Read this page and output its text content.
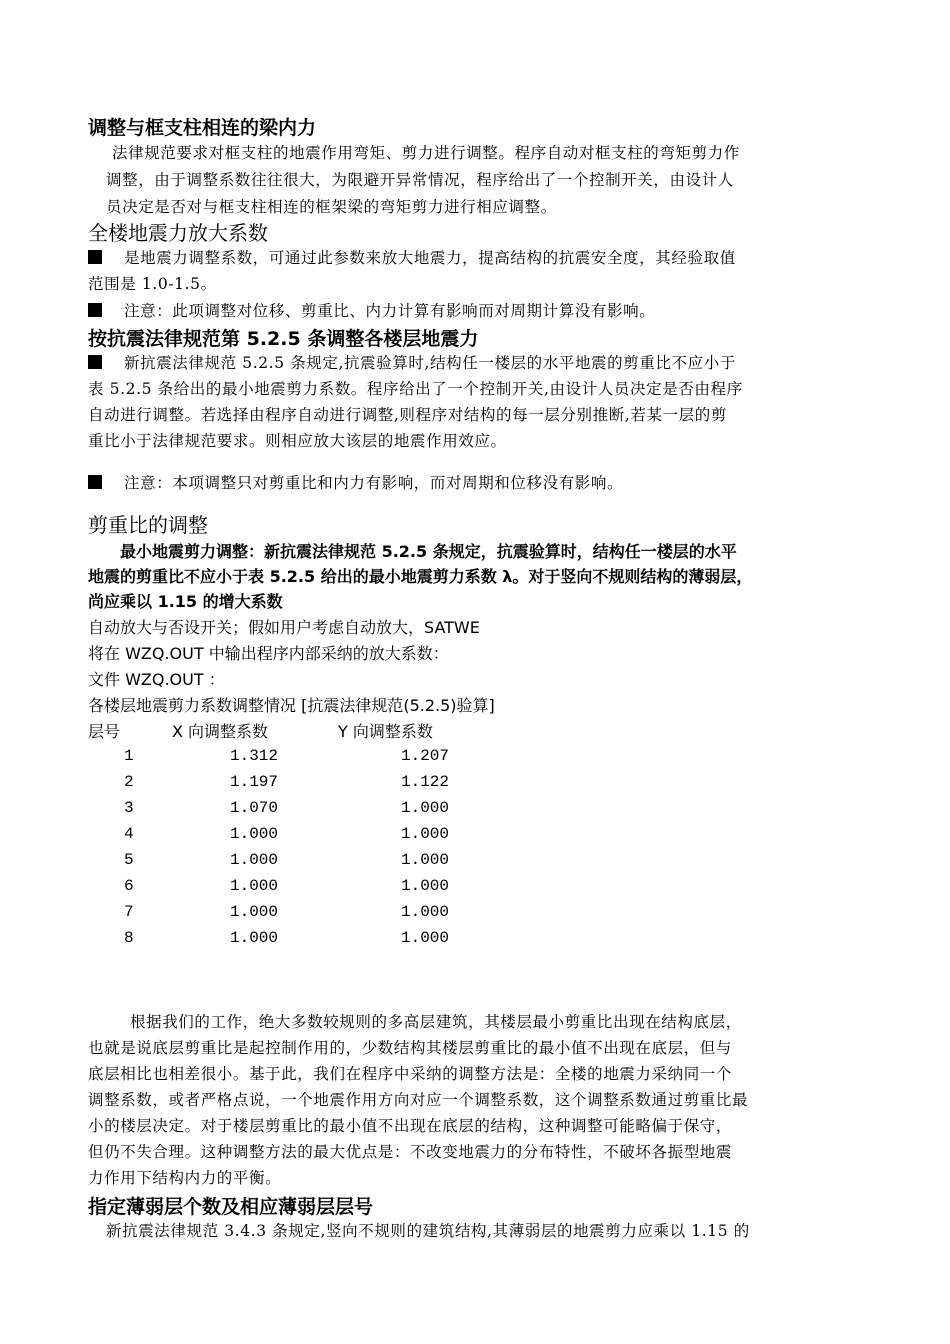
调整与框支柱相连的梁内力
法律规范要求对框支柱的地震作用弯矩、剪力进行调整。程序自动对框支柱的弯矩剪力作
调整，由于调整系数往往很大，为限避开异常情况，程序给出了一个控制开关，由设计人
员决定是否对与框支柱相连的框架梁的弯矩剪力进行相应调整。
全楼地震力放大系数
是地震力调整系数，可通过此参数来放大地震力，提高结构的抗震安全度，其经验取值
范围是 1.0-1.5。
注意：此项调整对位移、剪重比、内力计算有影响而对周期计算没有影响。
按抗震法律规范第 5.2.5 条调整各楼层地震力
新抗震法律规范 5.2.5 条规定,抗震验算时,结构任一楼层的水平地震的剪重比不应小于
表 5.2.5 条给出的最小地震剪力系数。程序给出了一个控制开关,由设计人员决定是否由程序
自动进行调整。若选择由程序自动进行调整,则程序对结构的每一层分别推断,若某一层的剪
重比小于法律规范要求。则相应放大该层的地震作用效应。
注意：本项调整只对剪重比和内力有影响，而对周期和位移没有影响。
剪重比的调整
最小地震剪力调整：新抗震法律规范 5.2.5 条规定，抗震验算时，结构任一楼层的水平
地震的剪重比不应小于表 5.2.5 给出的最小地震剪力系数 λ。对于竖向不规则结构的薄弱层，
尚应乘以 1.15 的增大系数
自动放大与否设开关；假如用户考虑自动放大，SATWE
将在 WZQ.OUT 中输出程序内部采纳的放大系数：
文件 WZQ.OUT ：
各楼层地震剪力系数调整情况 [抗震法律规范(5.2.5)验算]
层号	X 向调整系数	Y 向调整系数
1	1.312	1.207
2	1.197	1.122
3	1.070	1.000
4	1.000	1.000
5	1.000	1.000
6	1.000	1.000
7	1.000	1.000
8	1.000	1.000
根据我们的工作，绝大多数较规则的多高层建筑，其楼层最小剪重比出现在结构底层，
也就是说底层剪重比是起控制作用的，少数结构其楼层剪重比的最小值不出现在底层，但与
底层相比也相差很小。基于此，我们在程序中采纳的调整方法是：全楼的地震力采纳同一个
调整系数，或者严格点说，一个地震作用方向对应一个调整系数，这个调整系数通过剪重比最
小的楼层决定。对于楼层剪重比的最小值不出现在底层的结构，这种调整可能略偏于保守，
但仍不失合理。这种调整方法的最大优点是：不改变地震力的分布特性，不破坏各振型地震
力作用下结构内力的平衡。
指定薄弱层个数及相应薄弱层层号
新抗震法律规范 3.4.3 条规定,竖向不规则的建筑结构,其薄弱层的地震剪力应乘以 1.15 的
